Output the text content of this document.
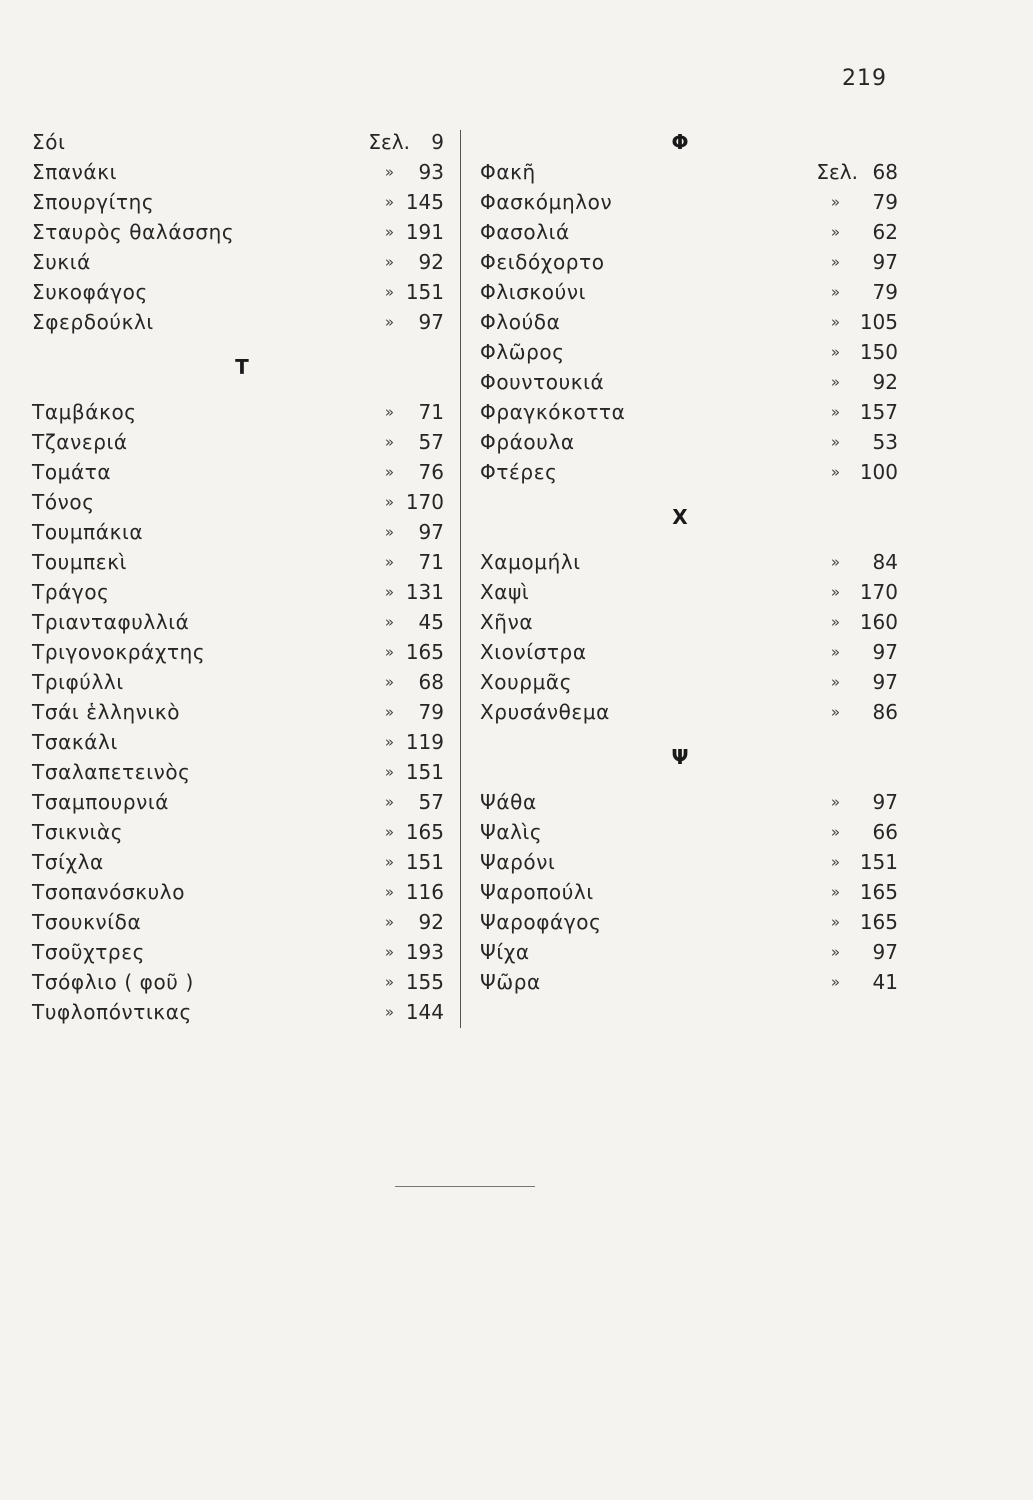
219
Σόι	Σελ.	9
Σπανάκι	»	93
Σπουργίτης	» 145
Σταυρὸς θαλάσσης	» 191
Συκιά	»	92
Συκοφάγος	» 151
Σφερδούκλι	»	97
Τ
Ταμβάκος	»	71
Τζανεριά	»	57
Τομάτα	»	76
Τόνος	» 170
Τουμπάκια	»	97
Τουμπεκὶ	»	71
Τράγος	» 131
Τριανταφυλλιά	»	45
Τριγονοκράχτης	» 165
Τριφύλλι	»	68
Τσάι ἑλληνικὸ	»	79
Τσακάλι	» 119
Τσαλαπετεινὸς	» 151
Τσαμπουρνιά	»	57
Τσικνιὰς	» 165
Τσίχλα	» 151
Τσοπανόσκυλο	» 116
Τσουκνίδα	»	92
Τσοῦχτρες	» 193
Τσόφλιο ( φοῦ )	» 155
Τυφλοπόντικας	» 144
Φ
Φακῆ	Σελ. 68
Φασκόμηλον	»	79
Φασολιά	»	62
Φειδόχορτο	»	97
Φλισκούνι	»	79
Φλούδα	» 105
Φλῶρος	» 150
Φουντουκιά	»	92
Φραγκόκοττα	» 157
Φράουλα	»	53
Φτέρες	» 100
Χ
Χαμομήλι	»	84
Χαψὶ	» 170
Χῆνα	» 160
Χιονίστρα	»	97
Χουρμᾶς	»	97
Χρυσάνθεμα	»	86
Ψ
Ψάθα	»	97
Ψαλὶς	»	66
Ψαρόνι	» 151
Ψαροπούλι	» 165
Ψαροφάγος	» 165
Ψίχα	»	97
Ψῶρα	»	41
